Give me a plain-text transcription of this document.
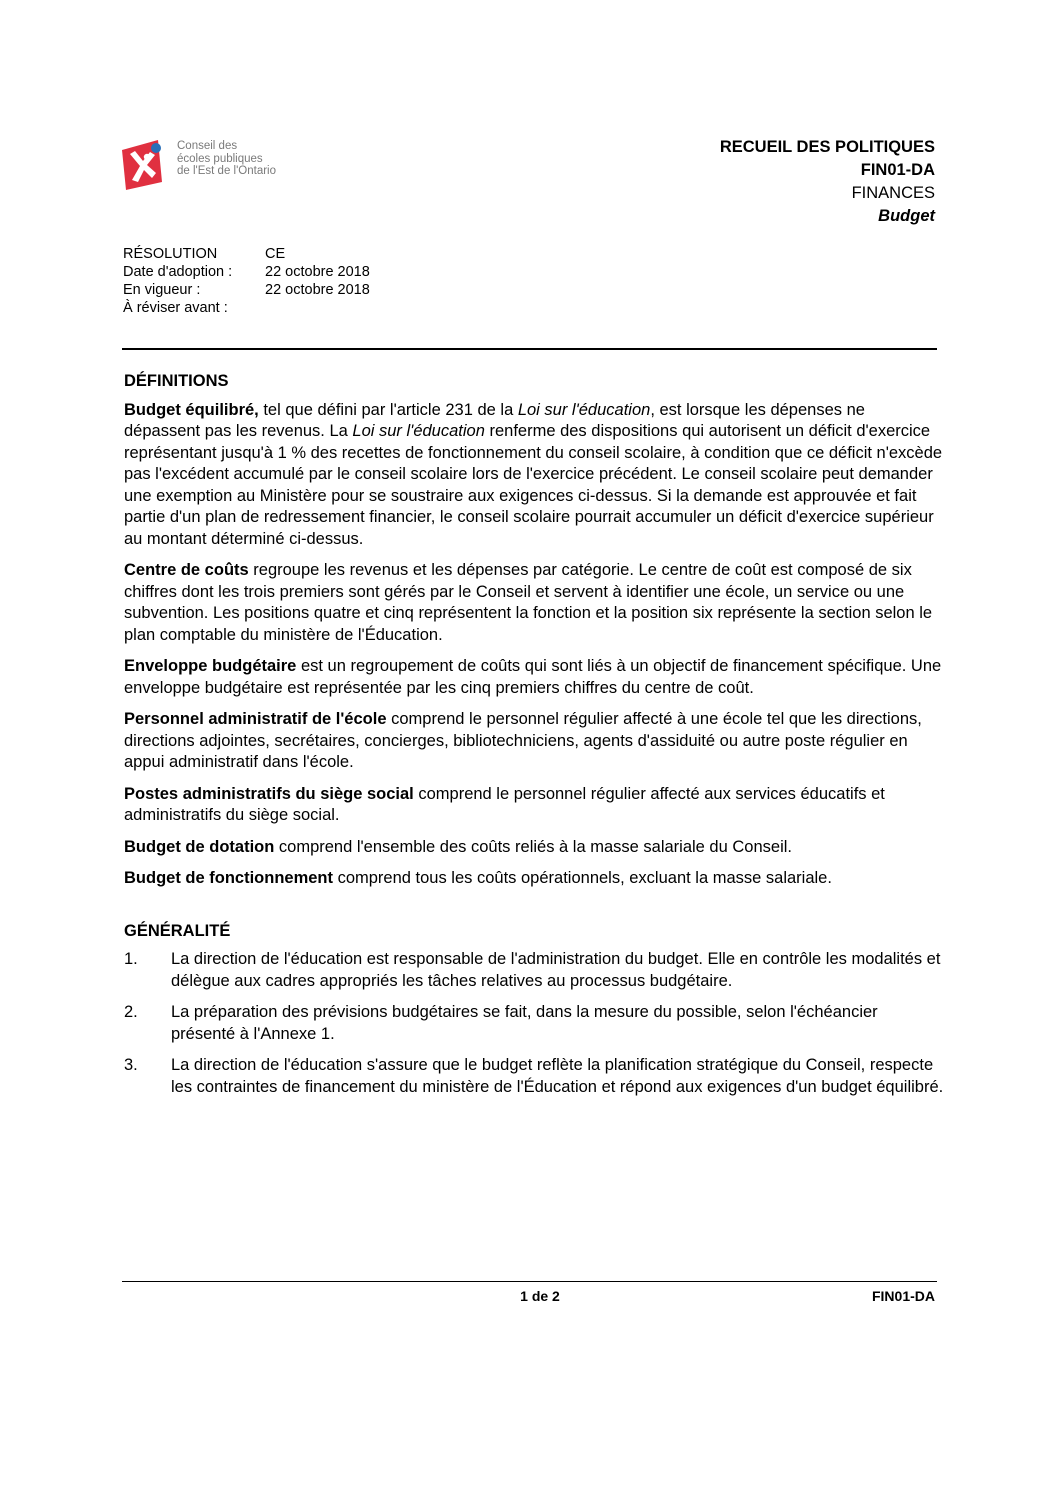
Conseil des
écoles publiques
de l'Est de l'Ontario
RECUEIL DES POLITIQUES
FIN01-DA
FINANCES
Budget
RÉSOLUTION	CE
Date d'adoption :	22 octobre 2018
En vigueur :	22 octobre 2018
À réviser avant :
DÉFINITIONS

Budget équilibré, tel que défini par l'article 231 de la Loi sur l'éducation, est lorsque les dépenses ne dépassent pas les revenus. La Loi sur l'éducation renferme des dispositions qui autorisent un déficit d'exercice représentant jusqu'à 1 % des recettes de fonctionnement du conseil scolaire, à condition que ce déficit n'excède pas l'excédent accumulé par le conseil scolaire lors de l'exercice précédent. Le conseil scolaire peut demander une exemption au Ministère pour se soustraire aux exigences ci-dessus. Si la demande est approuvée et fait partie d'un plan de redressement financier, le conseil scolaire pourrait accumuler un déficit d'exercice supérieur au montant déterminé ci-dessus.

Centre de coûts regroupe les revenus et les dépenses par catégorie. Le centre de coût est composé de six chiffres dont les trois premiers sont gérés par le Conseil et servent à identifier une école, un service ou une subvention. Les positions quatre et cinq représentent la fonction et la position six représente la section selon le plan comptable du ministère de l'Éducation.

Enveloppe budgétaire est un regroupement de coûts qui sont liés à un objectif de financement spécifique. Une enveloppe budgétaire est représentée par les cinq premiers chiffres du centre de coût.

Personnel administratif de l'école comprend le personnel régulier affecté à une école tel que les directions, directions adjointes, secrétaires, concierges, bibliotechniciens, agents d'assiduité ou autre poste régulier en appui administratif dans l'école.

Postes administratifs du siège social comprend le personnel régulier affecté aux services éducatifs et administratifs du siège social.

Budget de dotation comprend l'ensemble des coûts reliés à la masse salariale du Conseil.

Budget de fonctionnement comprend tous les coûts opérationnels, excluant la masse salariale.

GÉNÉRALITÉ
1.	La direction de l'éducation est responsable de l'administration du budget. Elle en contrôle les modalités et délègue aux cadres appropriés les tâches relatives au processus budgétaire.
2.	La préparation des prévisions budgétaires se fait, dans la mesure du possible, selon l'échéancier présenté à l'Annexe 1.
3.	La direction de l'éducation s'assure que le budget reflète la planification stratégique du Conseil, respecte les contraintes de financement du ministère de l'Éducation et répond aux exigences d'un budget équilibré.
1 de 2	FIN01-DA
